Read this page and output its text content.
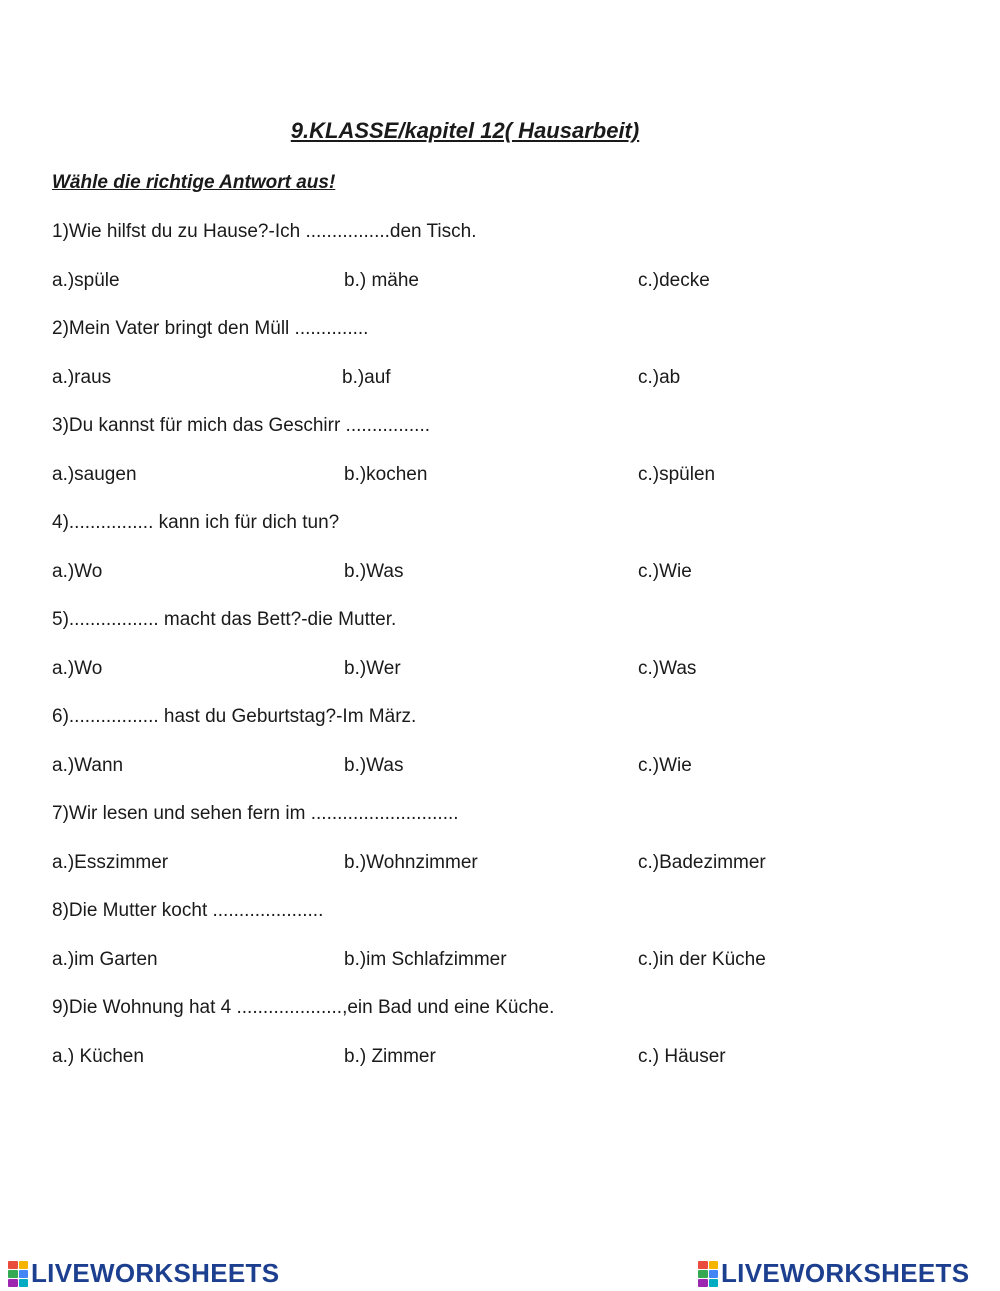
9.KLASSE/kapitel 12( Hausarbeit)

Wähle die richtige Antwort aus!

1)Wie hilfst du zu Hause?-Ich ................den Tisch.
a.)spüle	b.) mähe	c.)decke
2)Mein Vater bringt den Müll ..............
a.)raus	b.)auf	c.)ab
3)Du kannst für mich das Geschirr ................
a.)saugen	b.)kochen	c.)spülen
4)................ kann ich für dich tun?
a.)Wo	b.)Was	c.)Wie
5)................. macht das Bett?-die Mutter.
a.)Wo	b.)Wer	c.)Was
6)................. hast du Geburtstag?-Im März.
a.)Wann	b.)Was	c.)Wie
7)Wir lesen und sehen fern im ............................
a.)Esszimmer	b.)Wohnzimmer	c.)Badezimmer
8)Die Mutter kocht .....................
a.)im Garten	b.)im Schlafzimmer	c.)in der Küche
9)Die Wohnung hat 4 ....................,ein Bad und eine Küche.
a.) Küchen	b.) Zimmer	c.) Häuser
LIVEWORKSHEETS	LIVEWORKSHEETS
